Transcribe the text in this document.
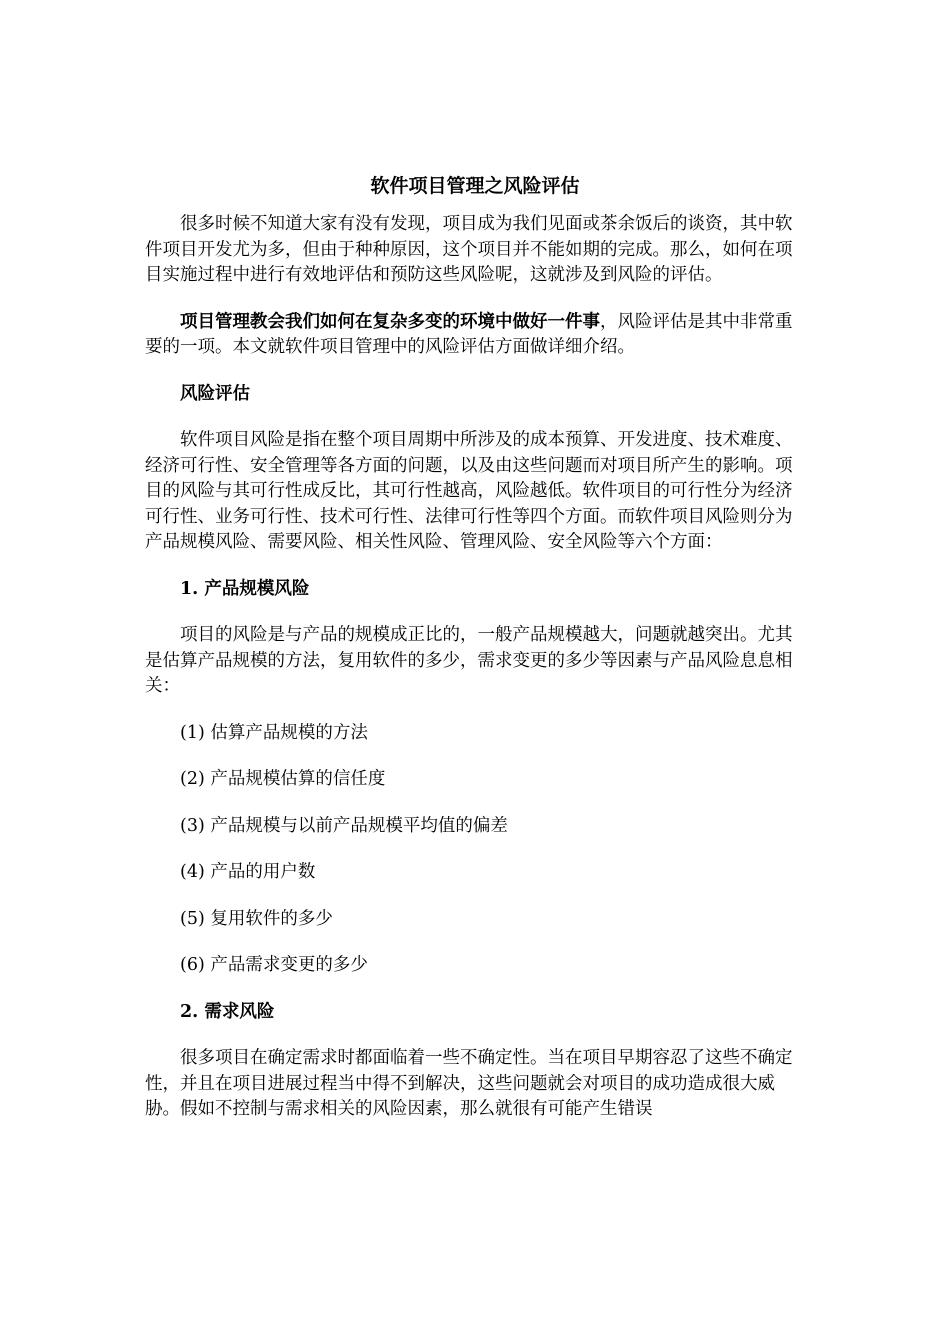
软件项目管理之风险评估

很多时候不知道大家有没有发现，项目成为我们见面或茶余饭后的谈资，其中软件项目开发尤为多，但由于种种原因，这个项目并不能如期的完成。那么，如何在项目实施过程中进行有效地评估和预防这些风险呢，这就涉及到风险的评估。

项目管理教会我们如何在复杂多变的环境中做好一件事，风险评估是其中非常重要的一项。本文就软件项目管理中的风险评估方面做详细介绍。

风险评估

软件项目风险是指在整个项目周期中所涉及的成本预算、开发进度、技术难度、经济可行性、安全管理等各方面的问题，以及由这些问题而对项目所产生的影响。项目的风险与其可行性成反比，其可行性越高，风险越低。软件项目的可行性分为经济可行性、业务可行性、技术可行性、法律可行性等四个方面。而软件项目风险则分为产品规模风险、需要风险、相关性风险、管理风险、安全风险等六个方面：

1. 产品规模风险

项目的风险是与产品的规模成正比的，一般产品规模越大，问题就越突出。尤其是估算产品规模的方法，复用软件的多少，需求变更的多少等因素与产品风险息息相关：

(1) 估算产品规模的方法
(2) 产品规模估算的信任度
(3) 产品规模与以前产品规模平均值的偏差
(4) 产品的用户数
(5) 复用软件的多少
(6) 产品需求变更的多少

2. 需求风险

很多项目在确定需求时都面临着一些不确定性。当在项目早期容忍了这些不确定性，并且在项目进展过程当中得不到解决，这些问题就会对项目的成功造成很大威胁。假如不控制与需求相关的风险因素，那么就很有可能产生错误
